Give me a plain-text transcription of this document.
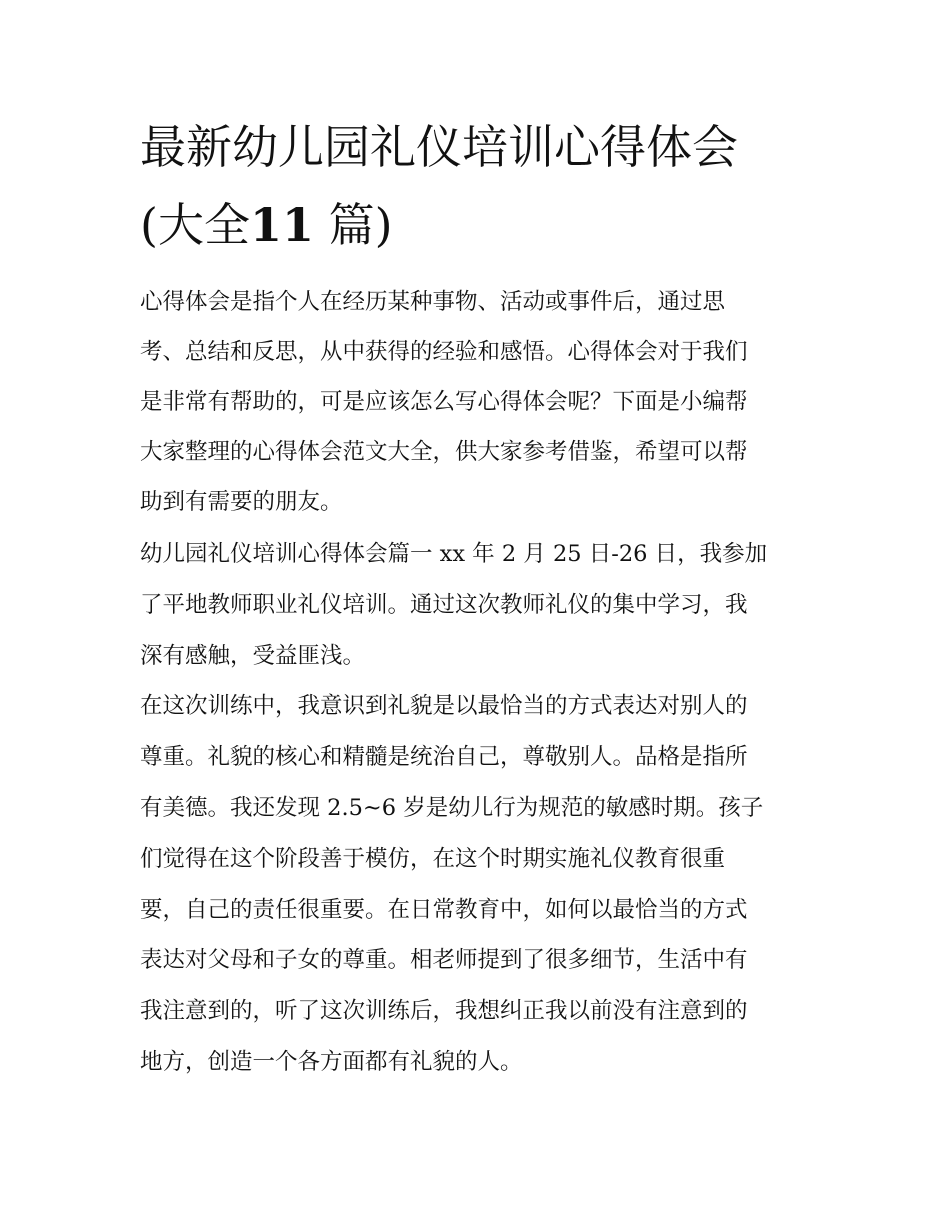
最新幼儿园礼仪培训心得体会
(大全11 篇)
心得体会是指个人在经历某种事物、活动或事件后，通过思
考、总结和反思，从中获得的经验和感悟。心得体会对于我们
是非常有帮助的，可是应该怎么写心得体会呢？下面是小编帮
大家整理的心得体会范文大全，供大家参考借鉴，希望可以帮
助到有需要的朋友。
幼儿园礼仪培训心得体会篇一 xx 年 2 月 25 日-26 日，我参加
了平地教师职业礼仪培训。通过这次教师礼仪的集中学习，我
深有感触，受益匪浅。
在这次训练中，我意识到礼貌是以最恰当的方式表达对别人的
尊重。礼貌的核心和精髓是统治自己，尊敬别人。品格是指所
有美德。我还发现 2.5~6 岁是幼儿行为规范的敏感时期。孩子
们觉得在这个阶段善于模仿，在这个时期实施礼仪教育很重
要，自己的责任很重要。在日常教育中，如何以最恰当的方式
表达对父母和子女的尊重。相老师提到了很多细节，生活中有
我注意到的，听了这次训练后，我想纠正我以前没有注意到的
地方，创造一个各方面都有礼貌的人。
